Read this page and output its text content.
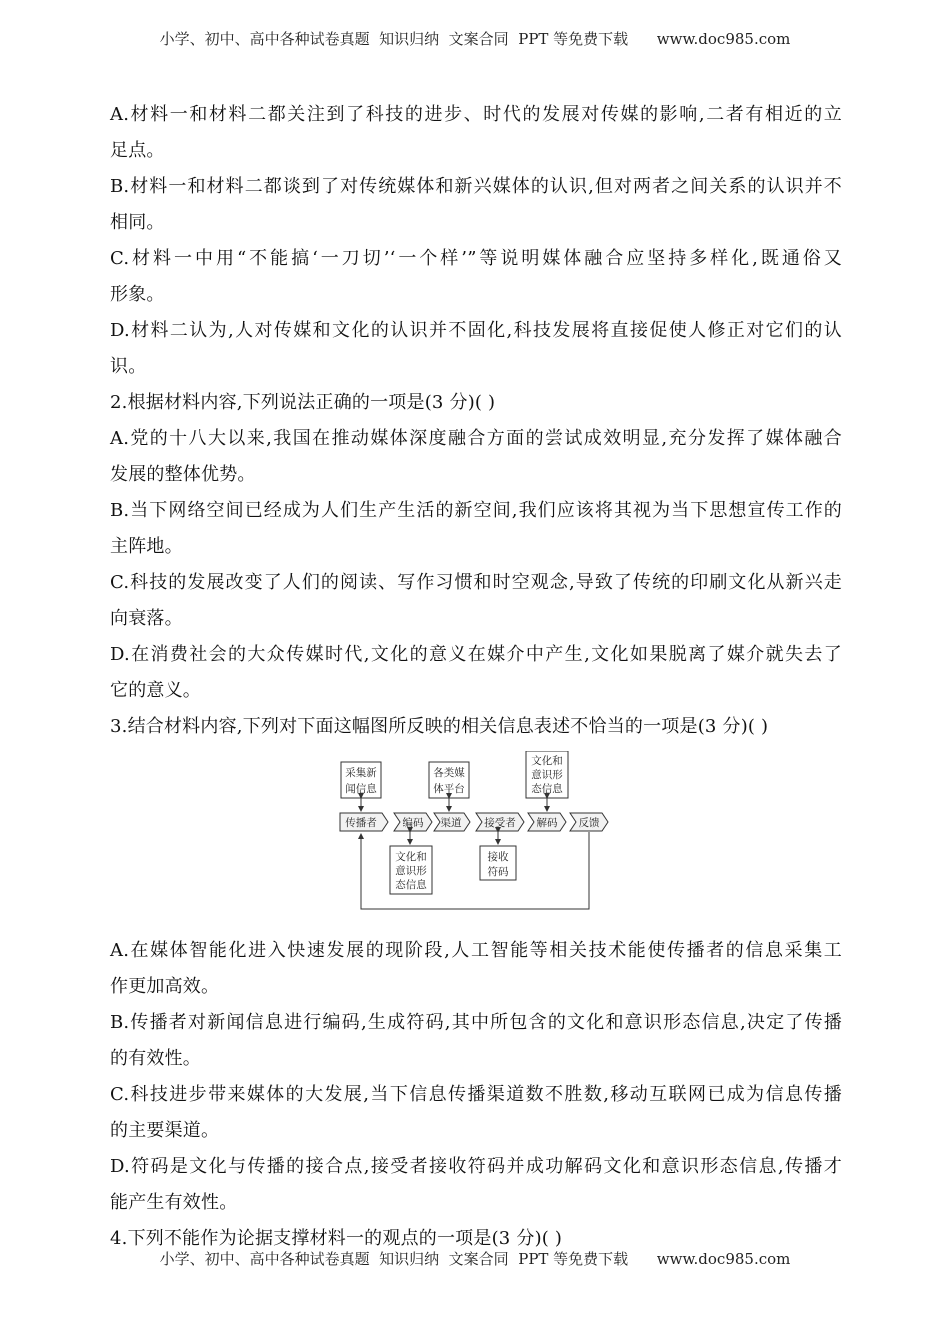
小学、初中、高中各种试卷真题  知识归纳  文案合同  PPT 等免费下载      www.doc985.com
A.材料一和材料二都关注到了科技的进步、时代的发展对传媒的影响,二者有相近的立
足点。
B.材料一和材料二都谈到了对传统媒体和新兴媒体的认识,但对两者之间关系的认识并不
相同。
C.材料一中用“不能搞‘一刀切’‘一个样’”等说明媒体融合应坚持多样化,既通俗又
形象。
D.材料二认为,人对传媒和文化的认识并不固化,科技发展将直接促使人修正对它们的认
识。
2.根据材料内容,下列说法正确的一项是(3 分)( )
A.党的十八大以来,我国在推动媒体深度融合方面的尝试成效明显,充分发挥了媒体融合
发展的整体优势。
B.当下网络空间已经成为人们生产生活的新空间,我们应该将其视为当下思想宣传工作的
主阵地。
C.科技的发展改变了人们的阅读、写作习惯和时空观念,导致了传统的印刷文化从新兴走
向衰落。
D.在消费社会的大众传媒时代,文化的意义在媒介中产生,文化如果脱离了媒介就失去了
它的意义。
3.结合材料内容,下列对下面这幅图所反映的相关信息表述不恰当的一项是(3 分)( )
采集新
闻信息
各类媒
体平台
文化和
意识形
态信息
传播者 编码 渠道 接受者 解码 反馈
文化和
意识形
态信息
接收
符码
A.在媒体智能化进入快速发展的现阶段,人工智能等相关技术能使传播者的信息采集工
作更加高效。
B.传播者对新闻信息进行编码,生成符码,其中所包含的文化和意识形态信息,决定了传播
的有效性。
C.科技进步带来媒体的大发展,当下信息传播渠道数不胜数,移动互联网已成为信息传播
的主要渠道。
D.符码是文化与传播的接合点,接受者接收符码并成功解码文化和意识形态信息,传播才
能产生有效性。
4.下列不能作为论据支撑材料一的观点的一项是(3 分)( )
小学、初中、高中各种试卷真题  知识归纳  文案合同  PPT 等免费下载      www.doc985.com
